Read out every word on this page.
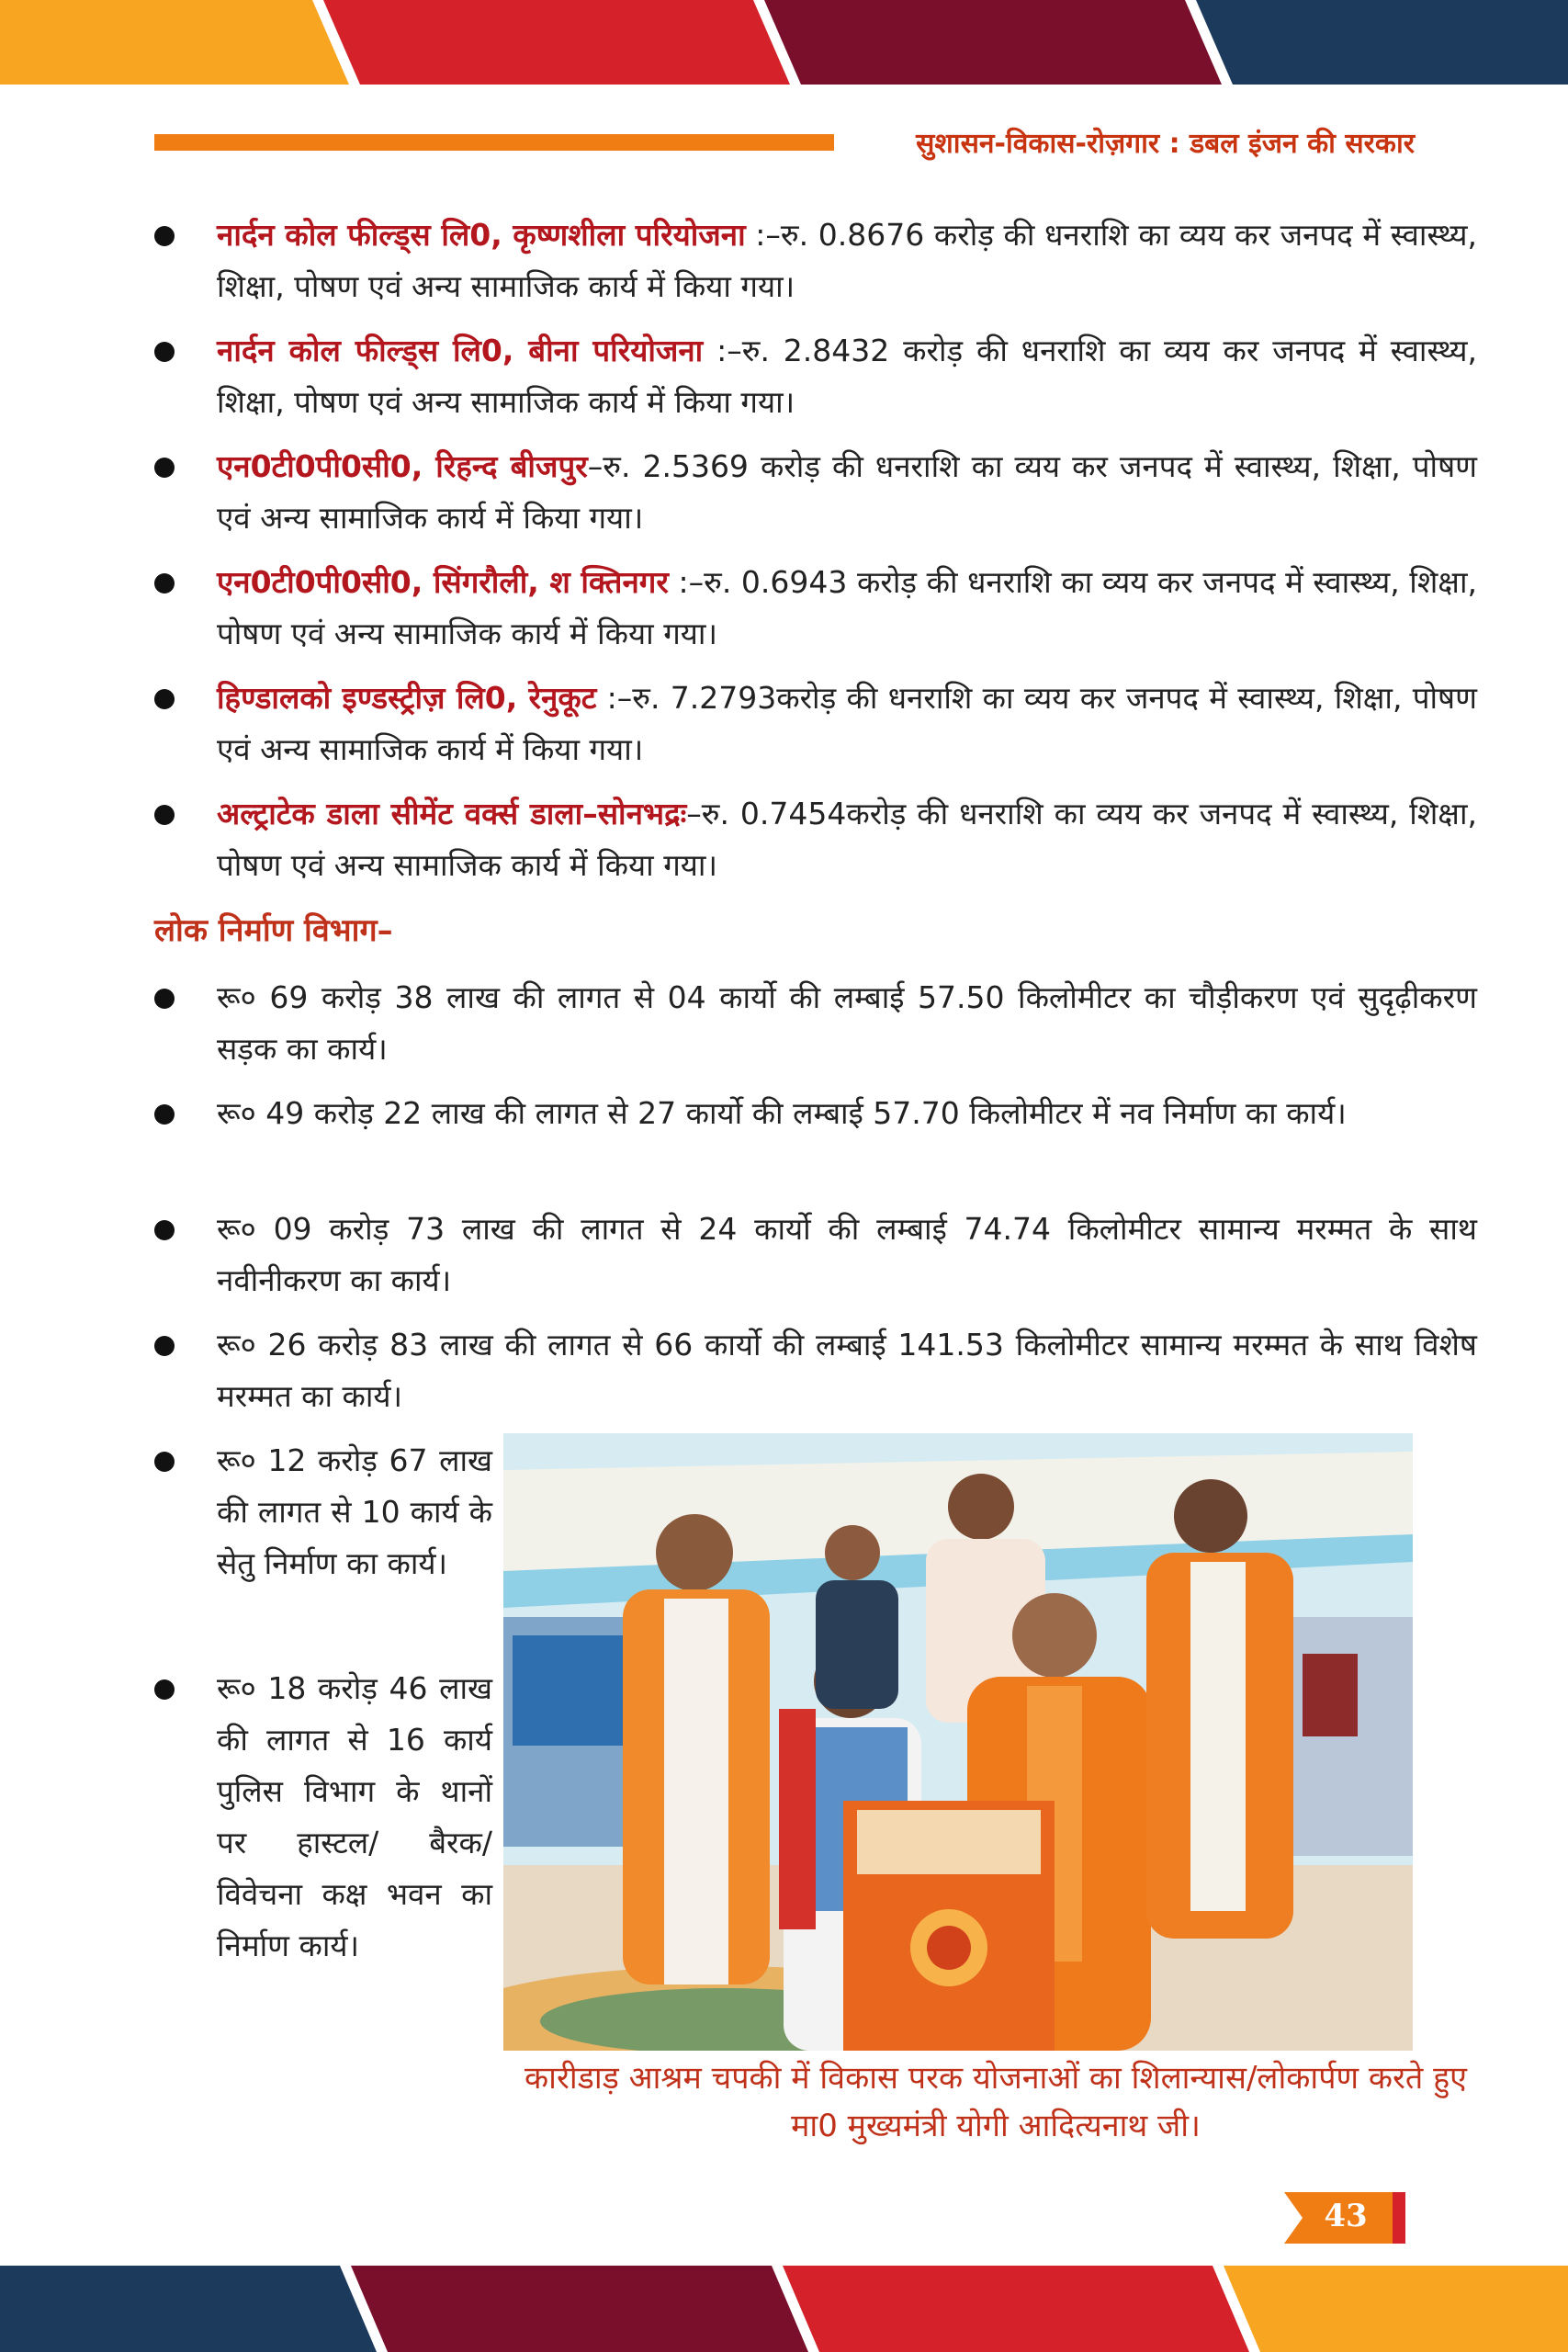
सुशासन-विकास-रोज़गार : डबल इंजन की सरकार
नार्दन कोल फील्ड्स लि0, कृष्णशीला परियोजना :–रु. 0.8676 करोड़ की धनराशि का व्यय कर जनपद में स्वास्थ्य, शिक्षा, पोषण एवं अन्य सामाजिक कार्य में किया गया।
नार्दन कोल फील्ड्स लि0, बीना परियोजना :–रु. 2.8432 करोड़ की धनराशि का व्यय कर जनपद में स्वास्थ्य, शिक्षा, पोषण एवं अन्य सामाजिक कार्य में किया गया।
एन0टी0पी0सी0, रिहन्द बीजपुर–रु. 2.5369 करोड़ की धनराशि का व्यय कर जनपद में स्वास्थ्य, शिक्षा, पोषण एवं अन्य सामाजिक कार्य में किया गया।
एन0टी0पी0सी0, सिंगरौली, श क्तिनगर :–रु. 0.6943 करोड़ की धनराशि का व्यय कर जनपद में स्वास्थ्य, शिक्षा, पोषण एवं अन्य सामाजिक कार्य में किया गया।
हिण्डालको इण्डस्ट्रीज़ लि0, रेनुकूट :–रु. 7.2793करोड़ की धनराशि का व्यय कर जनपद में स्वास्थ्य, शिक्षा, पोषण एवं अन्य सामाजिक कार्य में किया गया।
अल्ट्राटेक डाला सीमेंट वर्क्स डाला–सोनभद्रः–रु. 0.7454करोड़ की धनराशि का व्यय कर जनपद में स्वास्थ्य, शिक्षा, पोषण एवं अन्य सामाजिक कार्य में किया गया।
लोक निर्माण विभाग–
रू० 69 करोड़ 38 लाख की लागत से 04 कार्यो की लम्बाई 57.50 किलोमीटर का चौड़ीकरण एवं सुदृढ़ीकरण सड़क का कार्य।
रू० 49 करोड़ 22 लाख की लागत से 27 कार्यो की लम्बाई 57.70 किलोमीटर में नव निर्माण का कार्य।
रू० 09 करोड़ 73 लाख की लागत से 24 कार्यो की लम्बाई 74.74 किलोमीटर सामान्य मरम्मत के साथ नवीनीकरण का कार्य।
रू० 26 करोड़ 83 लाख की लागत से 66 कार्यो की लम्बाई 141.53 किलोमीटर सामान्य मरम्मत के साथ विशेष मरम्मत का कार्य।
रू० 12 करोड़ 67 लाख की लागत से 10 कार्य के सेतु निर्माण का कार्य।
रू० 18 करोड़ 46 लाख की लागत से 16 कार्य पुलिस विभाग के थानों पर हास्टल/ बैरक/ विवेचना कक्ष भवन का निर्माण कार्य।
कारीडाड़ आश्रम चपकी में विकास परक योजनाओं का शिलान्यास/लोकार्पण करते हुए मा0 मुख्यमंत्री योगी आदित्यनाथ जी।
43
